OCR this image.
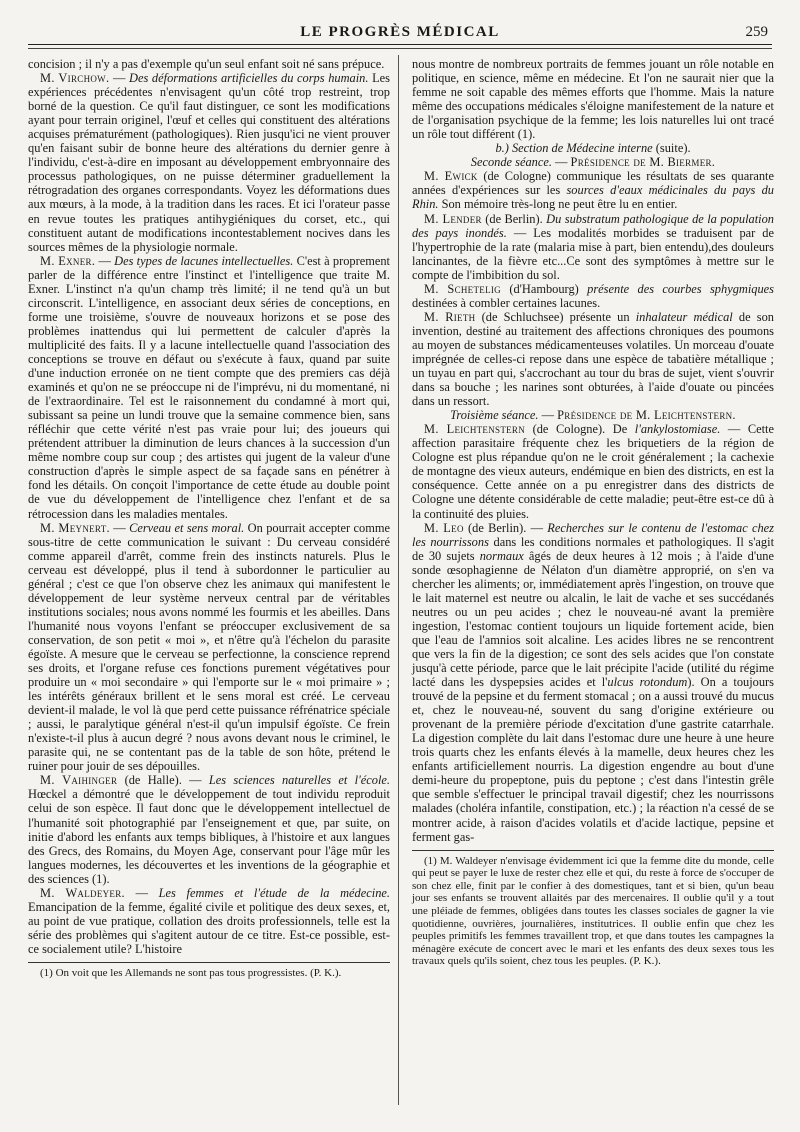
LE PROGRÈS MÉDICAL	259

concision ; il n'y a pas d'exemple qu'un seul enfant soit né sans prépuce.

M. Virchow. — Des déformations artificielles du corps humain. Les expériences précédentes n'envisagent qu'un côté trop restreint, trop borné de la question. Ce qu'il faut distinguer, ce sont les modifications ayant pour terrain originel, l'œuf et celles qui constituent des altérations acquises prématurément (pathologiques). Rien jusqu'ici ne vient prouver qu'en faisant subir de bonne heure des altérations du dernier genre à l'individu, c'est-à-dire en imposant au développement embryonnaire des processus pathologiques, on ne puisse déterminer graduellement la rétrogradation des organes correspondants. Voyez les déformations dues aux mœurs, à la mode, à la tradition dans les races. Et ici l'orateur passe en revue toutes les pratiques antihygiéniques du corset, etc., qui constituent autant de modifications incontestablement nocives dans les sources mêmes de la physiologie normale.

M. Exner. — Des types de lacunes intellectuelles. C'est à proprement parler de la différence entre l'instinct et l'intelligence que traite M. Exner. L'instinct n'a qu'un champ très limité; il ne tend qu'à un but circonscrit. L'intelligence, en associant deux séries de conceptions, en forme une troisième, s'ouvre de nouveaux horizons et se pose des problèmes inattendus qui lui permettent de calculer d'après la multiplicité des faits. Il y a lacune intellectuelle quand l'association des conceptions se trouve en défaut ou s'exécute à faux, quand par suite d'une induction erronée on ne tient compte que des premiers cas déjà examinés et qu'on ne se préoccupe ni de l'imprévu, ni du momentané, ni de l'extraordinaire. Tel est le raisonnement du condamné à mort qui, subissant sa peine un lundi trouve que la semaine commence bien, sans réfléchir que cette vérité n'est pas vraie pour lui; des joueurs qui prétendent attribuer la diminution de leurs chances à la succession d'un même nombre coup sur coup ; des artistes qui jugent de la valeur d'une construction d'après le simple aspect de sa façade sans en pénétrer à fond les détails. On conçoit l'importance de cette étude au double point de vue du développement de l'intelligence chez l'enfant et de sa rétrocession dans les maladies mentales.

M. Meynert. — Cerveau et sens moral. On pourrait accepter comme sous-titre de cette communication le suivant : Du cerveau considéré comme appareil d'arrêt, comme frein des instincts naturels. Plus le cerveau est développé, plus il tend à subordonner le particulier au général ; c'est ce que l'on observe chez les animaux qui manifestent le développement de leur système nerveux central par de véritables institutions sociales; nous avons nommé les fourmis et les abeilles. Dans l'humanité nous voyons l'enfant se préoccuper exclusivement de sa conservation, de son petit « moi », et n'être qu'à l'échelon du parasite égoïste. A mesure que le cerveau se perfectionne, la conscience reprend ses droits, et l'organe refuse ces fonctions purement végétatives pour produire un « moi secondaire » qui l'emporte sur le « moi primaire » ; les intérêts généraux brillent et le sens moral est créé. Le cerveau devient-il malade, le vol là que perd cette puissance réfrénatrice spéciale ; aussi, le paralytique général n'est-il qu'un impulsif égoïste. Ce frein n'existe-t-il plus à aucun degré ? nous avons devant nous le criminel, le parasite qui, ne se contentant pas de la table de son hôte, prétend le ruiner pour jouir de ses dépouilles.

M. Vaihinger (de Halle). — Les sciences naturelles et l'école. Hœckel a démontré que le développement de tout individu reproduit celui de son espèce. Il faut donc que le développement intellectuel de l'humanité soit photographié par l'enseignement et que, par suite, on initie d'abord les enfants aux temps bibliques, à l'histoire et aux langues des Grecs, des Romains, du Moyen Age, conservant pour l'âge mûr les langues modernes, les découvertes et les inventions de la géographie et des sciences (1).

M. Waldeyer. — Les femmes et l'étude de la médecine. Emancipation de la femme, égalité civile et politique des deux sexes, et, au point de vue pratique, collation des droits professionnels, telle est la série des problèmes qui s'agitent autour de ce titre. Est-ce possible, est-ce socialement utile? L'histoire

(1) On voit que les Allemands ne sont pas tous progressistes. (P. K.).

nous montre de nombreux portraits de femmes jouant un rôle notable en politique, en science, même en médecine. Et l'on ne saurait nier que la femme ne soit capable des mêmes efforts que l'homme. Mais la nature même des occupations médicales s'éloigne manifestement de la nature et de l'organisation psychique de la femme; les lois naturelles lui ont tracé un rôle tout différent (1).

b.) Section de Médecine interne (suite).

Seconde séance. — Présidence de M. Biermer.

M. Ewick (de Cologne) communique les résultats de ses quarante années d'expériences sur les sources d'eaux médicinales du pays du Rhin. Son mémoire très-long ne peut être lu en entier.

M. Lender (de Berlin). Du substratum pathologique de la population des pays inondés. — Les modalités morbides se traduisent par de l'hypertrophie de la rate (malaria mise à part, bien entendu),des douleurs lancinantes, de la fièvre etc...Ce sont des symptômes à mettre sur le compte de l'imbibition du sol.

M. Schetelig (d'Hambourg) présente des courbes sphygmiques destinées à combler certaines lacunes.

M. Rieth (de Schluchsee) présente un inhalateur médical de son invention, destiné au traitement des affections chroniques des poumons au moyen de substances médicamenteuses volatiles. Un morceau d'ouate imprégnée de celles-ci repose dans une espèce de tabatière métallique ; un tuyau en part qui, s'accrochant au tour du bras de sujet, vient s'ouvrir dans sa bouche ; les narines sont obturées, à l'aide d'ouate ou pincées dans un ressort.

Troisième séance. — Présidence de M. Leichtenstern.

M. Leichtenstern (de Cologne). De l'ankylostomiase. — Cette affection parasitaire fréquente chez les briquetiers de la région de Cologne est plus répandue qu'on ne le croit généralement ; la cachexie de montagne des vieux auteurs, endémique en bien des districts, en est la conséquence. Cette année on a pu enregistrer dans des districts de Cologne une détente considérable de cette maladie; peut-être est-ce dû à la continuité des pluies.

M. Leo (de Berlin). — Recherches sur le contenu de l'estomac chez les nourrissons dans les conditions normales et pathologiques. Il s'agit de 30 sujets normaux âgés de deux heures à 12 mois ; à l'aide d'une sonde œsophagienne de Nélaton d'un diamètre approprié, on s'en va chercher les aliments; or, immédiatement après l'ingestion, on trouve que le lait maternel est neutre ou alcalin, le lait de vache et ses succédanés neutres ou un peu acides ; chez le nouveau-né avant la première ingestion, l'estomac contient toujours un liquide fortement acide, bien que l'eau de l'amnios soit alcaline. Les acides libres ne se rencontrent que vers la fin de la digestion; ce sont des sels acides que l'on constate jusqu'à cette période, parce que le lait précipite l'acide (utilité du régime lacté dans les dyspepsies acides et l'ulcus rotondum). On a toujours trouvé de la pepsine et du ferment stomacal ; on a aussi trouvé du mucus et, chez le nouveau-né, souvent du sang d'origine extérieure ou provenant de la première période d'excitation d'une gastrite catarrhale. La digestion complète du lait dans l'estomac dure une heure à une heure trois quarts chez les enfants élevés à la mamelle, deux heures chez les enfants artificiellement nourris. La digestion engendre au bout d'une demi-heure du propeptone, puis du peptone ; c'est dans l'intestin grêle que semble s'effectuer le principal travail digestif; chez les nourrissons malades (choléra infantile, constipation, etc.) ; la réaction n'a cessé de se montrer acide, à raison d'acides volatils et d'acide lactique, pepsine et ferment gas-

(1) M. Waldeyer n'envisage évidemment ici que la femme dite du monde, celle qui peut se payer le luxe de rester chez elle et qui, du reste à force de s'occuper de son chez elle, finit par le confier à des domestiques, tant et si bien, qu'un beau jour ses enfants se trouvent allaités par des mercenaires. Il oublie qu'il y a tout une pléiade de femmes, obligées dans toutes les classes sociales de gagner la vie quotidienne, ouvrières, journalières, institutrices. Il oublie enfin que chez les peuples primitifs les femmes travaillent trop, et que dans toutes les campagnes la ménagère exécute de concert avec le mari et les enfants des deux sexes tous les travaux quels qu'ils soient, chez tous les peuples. (P. K.).
